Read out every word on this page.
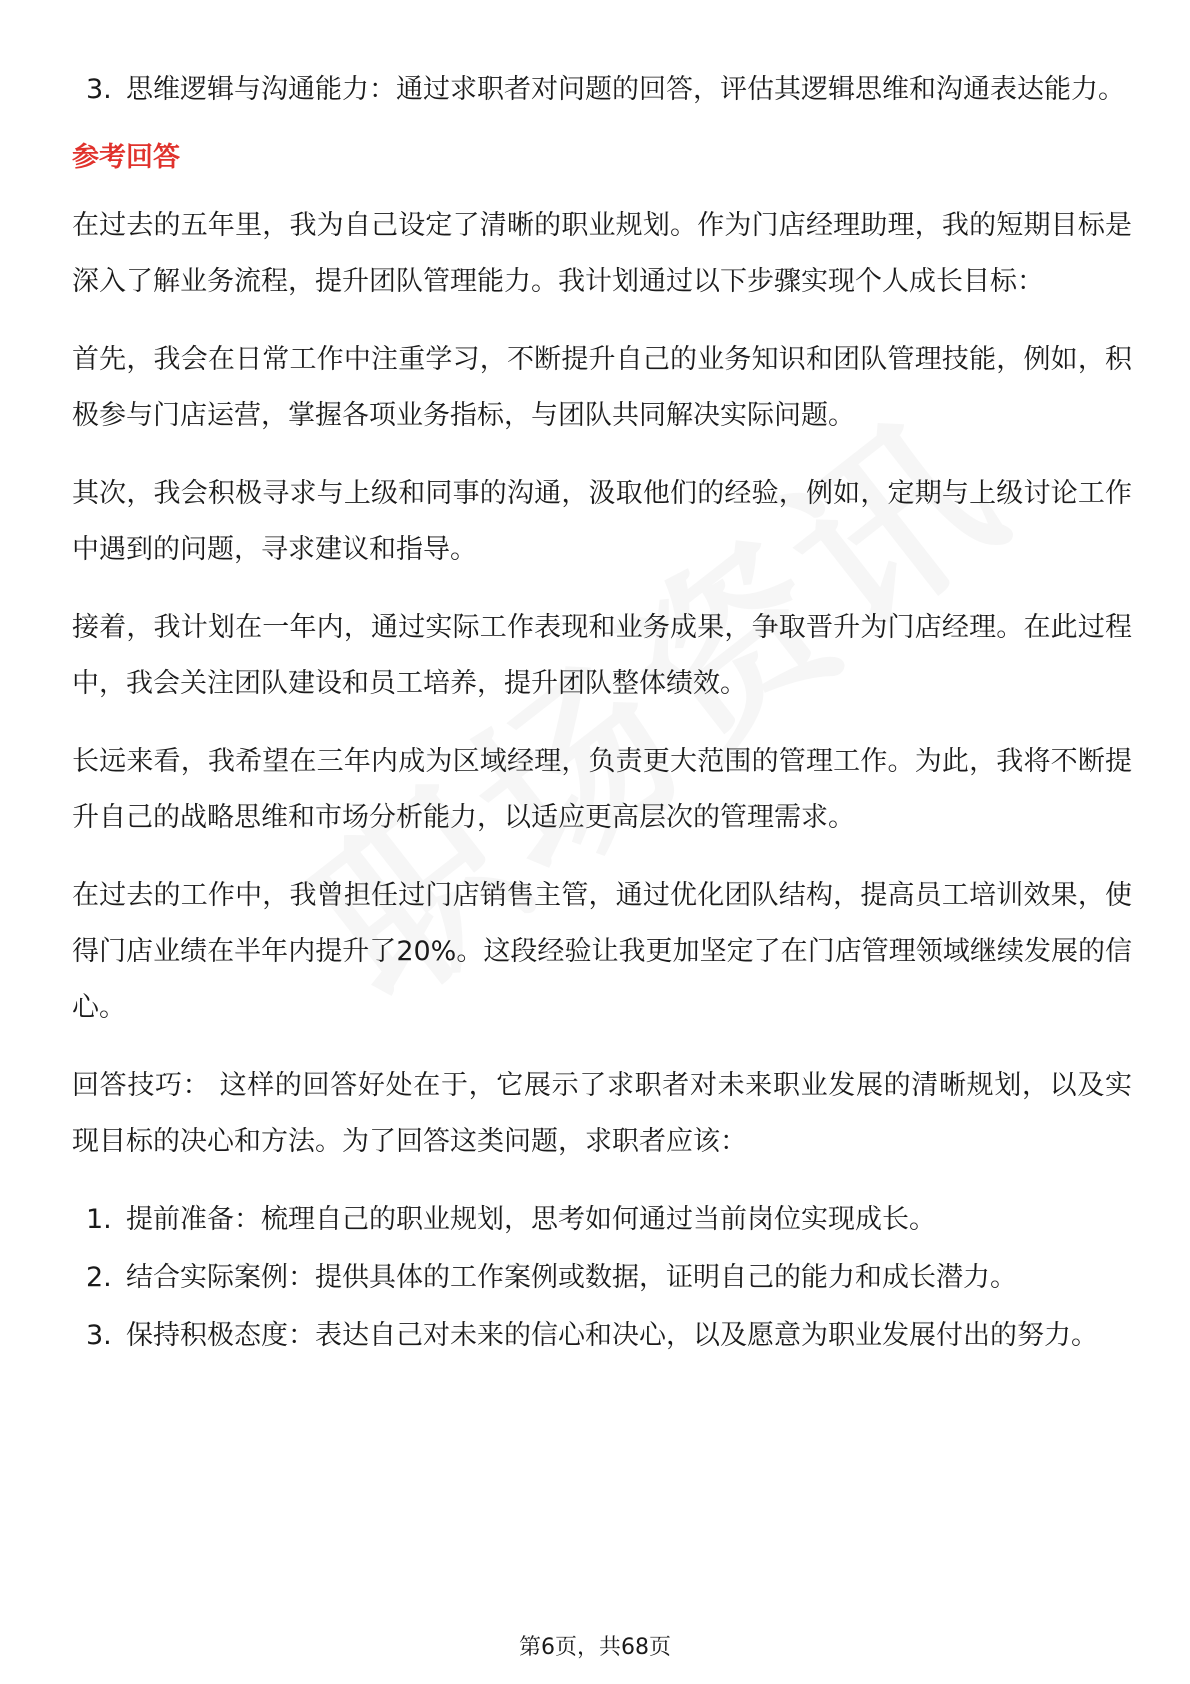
3. 思维逻辑与沟通能力：通过求职者对问题的回答，评估其逻辑思维和沟通表达能力。
参考回答

在过去的五年里，我为自己设定了清晰的职业规划。作为门店经理助理，我的短期目标是深入了解业务流程，提升团队管理能力。我计划通过以下步骤实现个人成长目标：

首先，我会在日常工作中注重学习，不断提升自己的业务知识和团队管理技能，例如，积极参与门店运营，掌握各项业务指标，与团队共同解决实际问题。

其次，我会积极寻求与上级和同事的沟通，汲取他们的经验，例如，定期与上级讨论工作中遇到的问题，寻求建议和指导。

接着，我计划在一年内，通过实际工作表现和业务成果，争取晋升为门店经理。在此过程中，我会关注团队建设和员工培养，提升团队整体绩效。

长远来看，我希望在三年内成为区域经理，负责更大范围的管理工作。为此，我将不断提升自己的战略思维和市场分析能力，以适应更高层次的管理需求。

在过去的工作中，我曾担任过门店销售主管，通过优化团队结构，提高员工培训效果，使得门店业绩在半年内提升了20%。这段经验让我更加坚定了在门店管理领域继续发展的信心。

回答技巧： 这样的回答好处在于，它展示了求职者对未来职业发展的清晰规划，以及实现目标的决心和方法。为了回答这类问题，求职者应该：

1. 提前准备：梳理自己的职业规划，思考如何通过当前岗位实现成长。
2. 结合实际案例：提供具体的工作案例或数据，证明自己的能力和成长潜力。
3. 保持积极态度：表达自己对未来的信心和决心，以及愿意为职业发展付出的努力。
第6页，共68页
